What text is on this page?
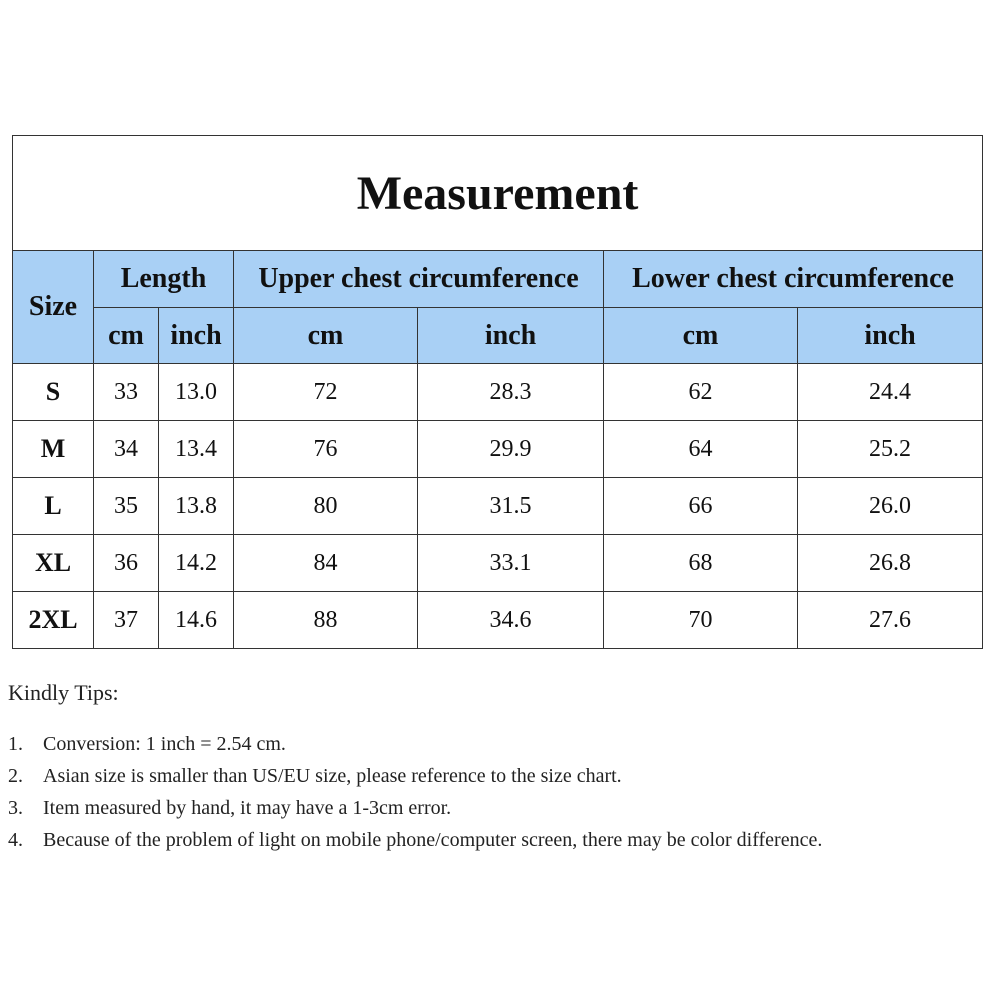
Measurement						
Size	Length		Upper chest circumference		Lower chest circumference	
	cm	inch	cm	inch	cm	inch
S	33	13.0	72	28.3	62	24.4
M	34	13.4	76	29.9	64	25.2
L	35	13.8	80	31.5	66	26.0
XL	36	14.2	84	33.1	68	26.8
2XL	37	14.6	88	34.6	70	27.6
Kindly Tips:
1.	Conversion: 1 inch = 2.54 cm.
2.	Asian size is smaller than US/EU size, please reference to the size chart.
3.	Item measured by hand, it may have a 1-3cm error.
4.	Because of the problem of light on mobile phone/computer screen, there may be color difference.
